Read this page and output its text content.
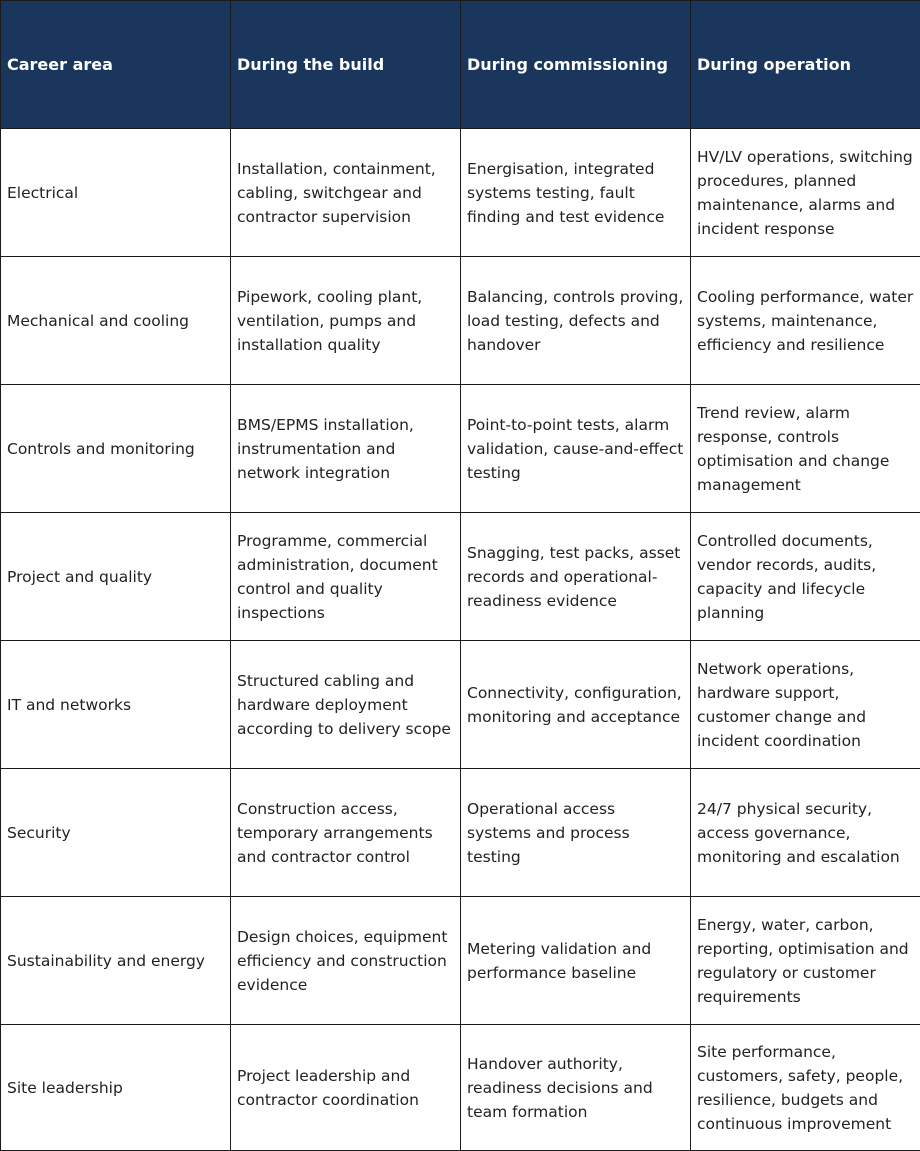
Career area	During the build	During commissioning	During operation
Electrical	Installation, containment, cabling, switchgear and contractor supervision	Energisation, integrated systems testing, fault finding and test evidence	HV/LV operations, switching procedures, planned maintenance, alarms and incident response
Mechanical and cooling	Pipework, cooling plant, ventilation, pumps and installation quality	Balancing, controls proving, load testing, defects and handover	Cooling performance, water systems, maintenance, efficiency and resilience
Controls and monitoring	BMS/EPMS installation, instrumentation and network integration	Point-to-point tests, alarm validation, cause-and-effect testing	Trend review, alarm response, controls optimisation and change management
Project and quality	Programme, commercial administration, document control and quality inspections	Snagging, test packs, asset records and operational-readiness evidence	Controlled documents, vendor records, audits, capacity and lifecycle planning
IT and networks	Structured cabling and hardware deployment according to delivery scope	Connectivity, configuration, monitoring and acceptance	Network operations, hardware support, customer change and incident coordination
Security	Construction access, temporary arrangements and contractor control	Operational access systems and process testing	24/7 physical security, access governance, monitoring and escalation
Sustainability and energy	Design choices, equipment efficiency and construction evidence	Metering validation and performance baseline	Energy, water, carbon, reporting, optimisation and regulatory or customer requirements
Site leadership	Project leadership and contractor coordination	Handover authority, readiness decisions and team formation	Site performance, customers, safety, people, resilience, budgets and continuous improvement
